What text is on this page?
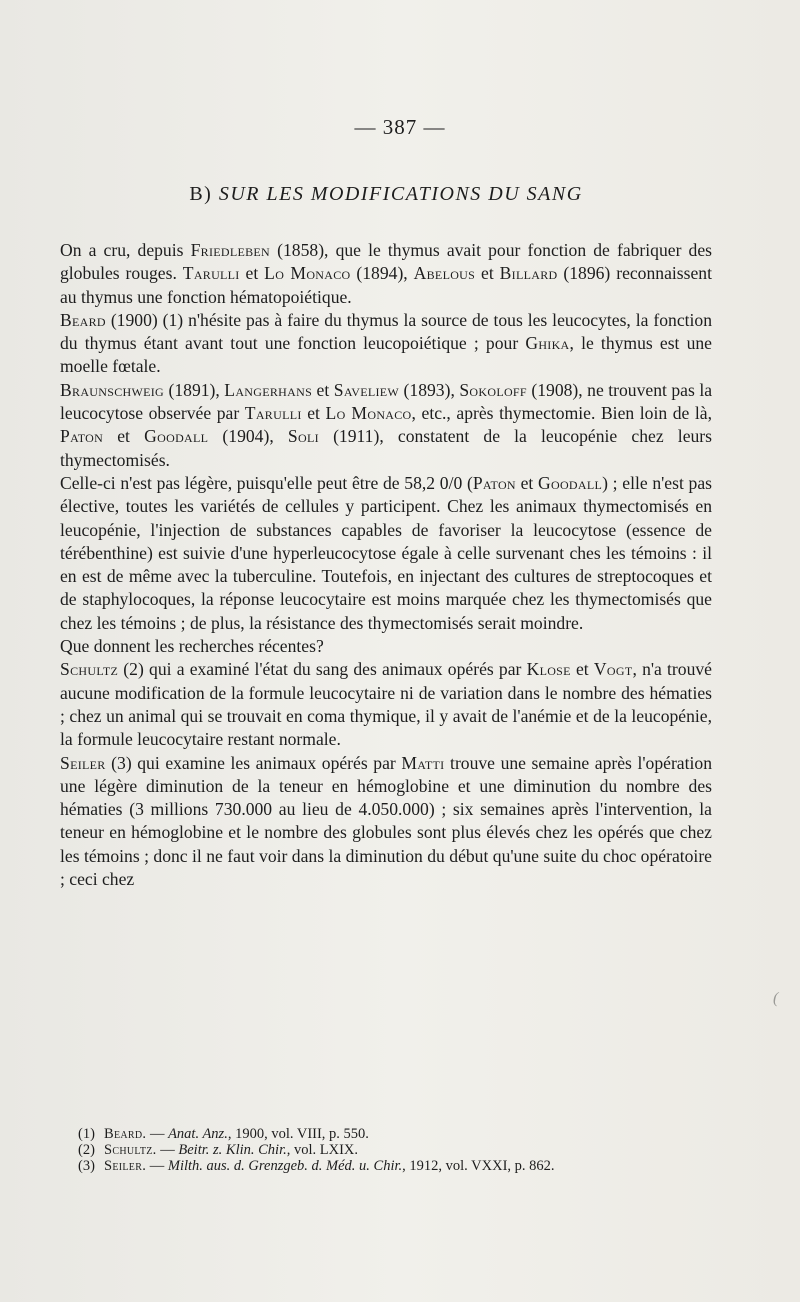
— 387 —
B) SUR LES MODIFICATIONS DU SANG

On a cru, depuis Friedleben (1858), que le thymus avait pour fonction de fabriquer des globules rouges. Tarulli et Lo Monaco (1894), Abelous et Billard (1896) reconnaissent au thymus une fonction hématopoiétique.

Beard (1900) (1) n'hésite pas à faire du thymus la source de tous les leucocytes, la fonction du thymus étant avant tout une fonction leucopoiétique ; pour Ghika, le thymus est une moelle fœtale.

Braunschweig (1891), Langerhans et Saveliew (1893), Sokoloff (1908), ne trouvent pas la leucocytose observée par Tarulli et Lo Monaco, etc., après thymectomie. Bien loin de là, Paton et Goodall (1904), Soli (1911), constatent de la leucopénie chez leurs thymectomisés.

Celle-ci n'est pas légère, puisqu'elle peut être de 58,2 0/0 (Paton et Goodall) ; elle n'est pas élective, toutes les variétés de cellules y participent. Chez les animaux thymectomisés en leucopénie, l'injection de substances capables de favoriser la leucocytose (essence de térébenthine) est suivie d'une hyperleucocytose égale à celle survenant ches les témoins : il en est de même avec la tuberculine. Toutefois, en injectant des cultures de streptocoques et de staphylocoques, la réponse leucocytaire est moins marquée chez les thymectomisés que chez les témoins ; de plus, la résistance des thymectomisés serait moindre.

Que donnent les recherches récentes?

Schultz (2) qui a examiné l'état du sang des animaux opérés par Klose et Vogt, n'a trouvé aucune modification de la formule leucocytaire ni de variation dans le nombre des hématies ; chez un animal qui se trouvait en coma thymique, il y avait de l'anémie et de la leucopénie, la formule leucocytaire restant normale.

Seiler (3) qui examine les animaux opérés par Matti trouve une semaine après l'opération une légère diminution de la teneur en hémoglobine et une diminution du nombre des hématies (3 millions 730.000 au lieu de 4.050.000) ; six semaines après l'intervention, la teneur en hémoglobine et le nombre des globules sont plus élevés chez les opérés que chez les témoins ; donc il ne faut voir dans la diminution du début qu'une suite du choc opératoire ; ceci chez

(1) Beard. — Anat. Anz., 1900, vol. VIII, p. 550.
(2) Schultz. — Beitr. z. Klin. Chir., vol. LXIX.
(3) Seiler. — Milth. aus. d. Grenzgeb. d. Méd. u. Chir., 1912, vol. VXXI, p. 862.
(
